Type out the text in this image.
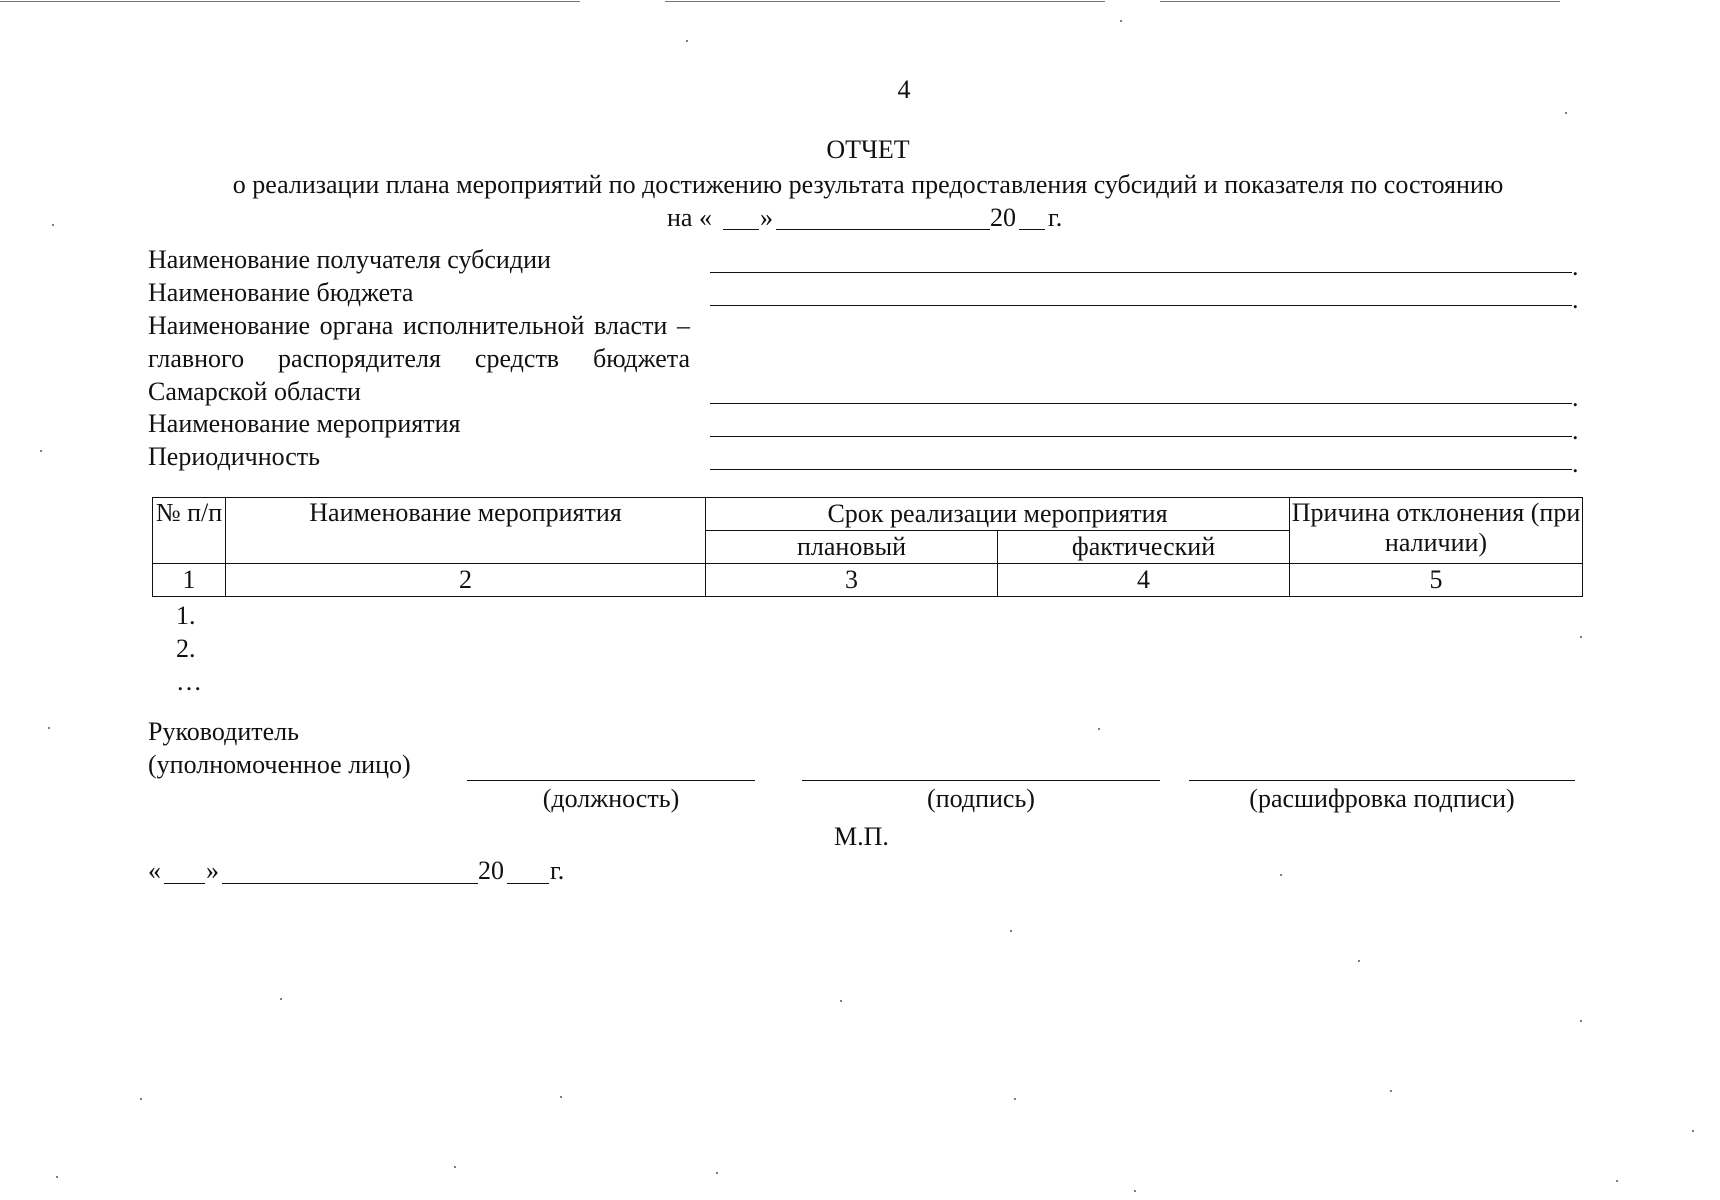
4
ОТЧЕТ
о реализации плана мероприятий по достижению результата предоставления субсидий и показателя по состоянию
на « »	20 г.
Наименование получателя субсидии	.
Наименование бюджета	.
Наименование органа исполнительной власти – главного распорядителя средств бюджета Самарской области	.
Наименование мероприятия	.
Периодичность	.
№ п/п	Наименование мероприятия	Срок реализации мероприятия		Причина отклонения (при наличии)
		плановый	фактический	
1	2	3	4	5
1.
2.
…
Руководитель
(уполномоченное лицо)
(должность)	(подпись)	(расшифровка подписи)
М.П.
« »	20 г.
